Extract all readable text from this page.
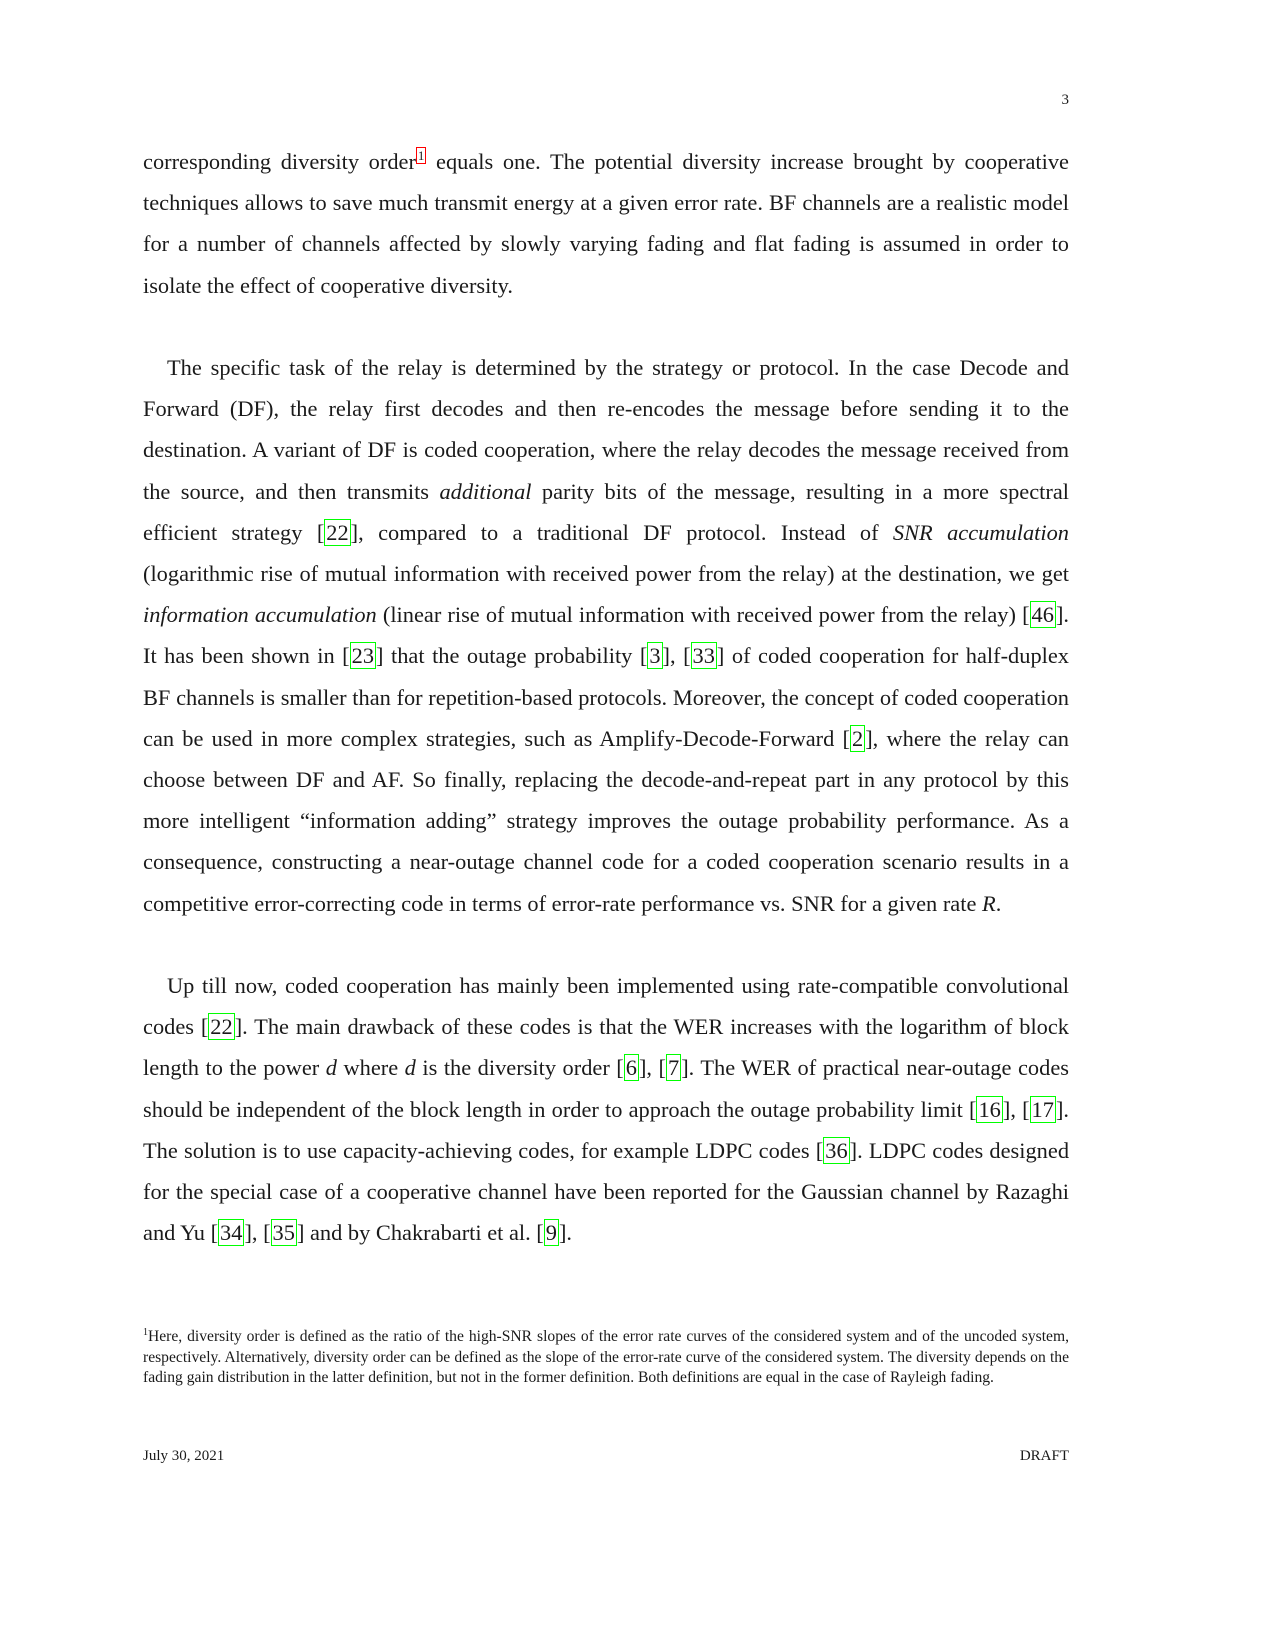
3

corresponding diversity order $^1$ equals one. The potential diversity increase brought by cooperative techniques allows to save much transmit energy at a given error rate. BF channels are a realistic model for a number of channels affected by slowly varying fading and flat fading is assumed in order to isolate the effect of cooperative diversity.

The specific task of the relay is determined by the strategy or protocol. In the case Decode and Forward (DF), the relay first decodes and then re-encodes the message before sending it to the destination. A variant of DF is coded cooperation, where the relay decodes the message received from the source, and then transmits additional parity bits of the message, resulting in a more spectral efficient strategy [22], compared to a traditional DF protocol. Instead of SNR accumulation (logarithmic rise of mutual information with received power from the relay) at the destination, we get information accumulation (linear rise of mutual information with received power from the relay) [46]. It has been shown in [23] that the outage probability [3], [33] of coded cooperation for half-duplex BF channels is smaller than for repetition-based protocols. Moreover, the concept of coded cooperation can be used in more complex strategies, such as Amplify-Decode-Forward [2], where the relay can choose between DF and AF. So finally, replacing the decode-and-repeat part in any protocol by this more intelligent “information adding” strategy improves the outage probability performance. As a consequence, constructing a near-outage channel code for a coded cooperation scenario results in a competitive error-correcting code in terms of error-rate performance vs. SNR for a given rate R.

Up till now, coded cooperation has mainly been implemented using rate-compatible convolutional codes [22]. The main drawback of these codes is that the WER increases with the logarithm of block length to the power d where d is the diversity order [6], [7]. The WER of practical near-outage codes should be independent of the block length in order to approach the outage probability limit [16], [17]. The solution is to use capacity-achieving codes, for example LDPC codes [36]. LDPC codes designed for the special case of a cooperative channel have been reported for the Gaussian channel by Razaghi and Yu [34], [35] and by Chakrabarti et al. [9].

$^1$Here, diversity order is defined as the ratio of the high-SNR slopes of the error rate curves of the considered system and of the uncoded system, respectively. Alternatively, diversity order can be defined as the slope of the error-rate curve of the considered system. The diversity depends on the fading gain distribution in the latter definition, but not in the former definition. Both definitions are equal in the case of Rayleigh fading.
July 30, 2021	DRAFT
